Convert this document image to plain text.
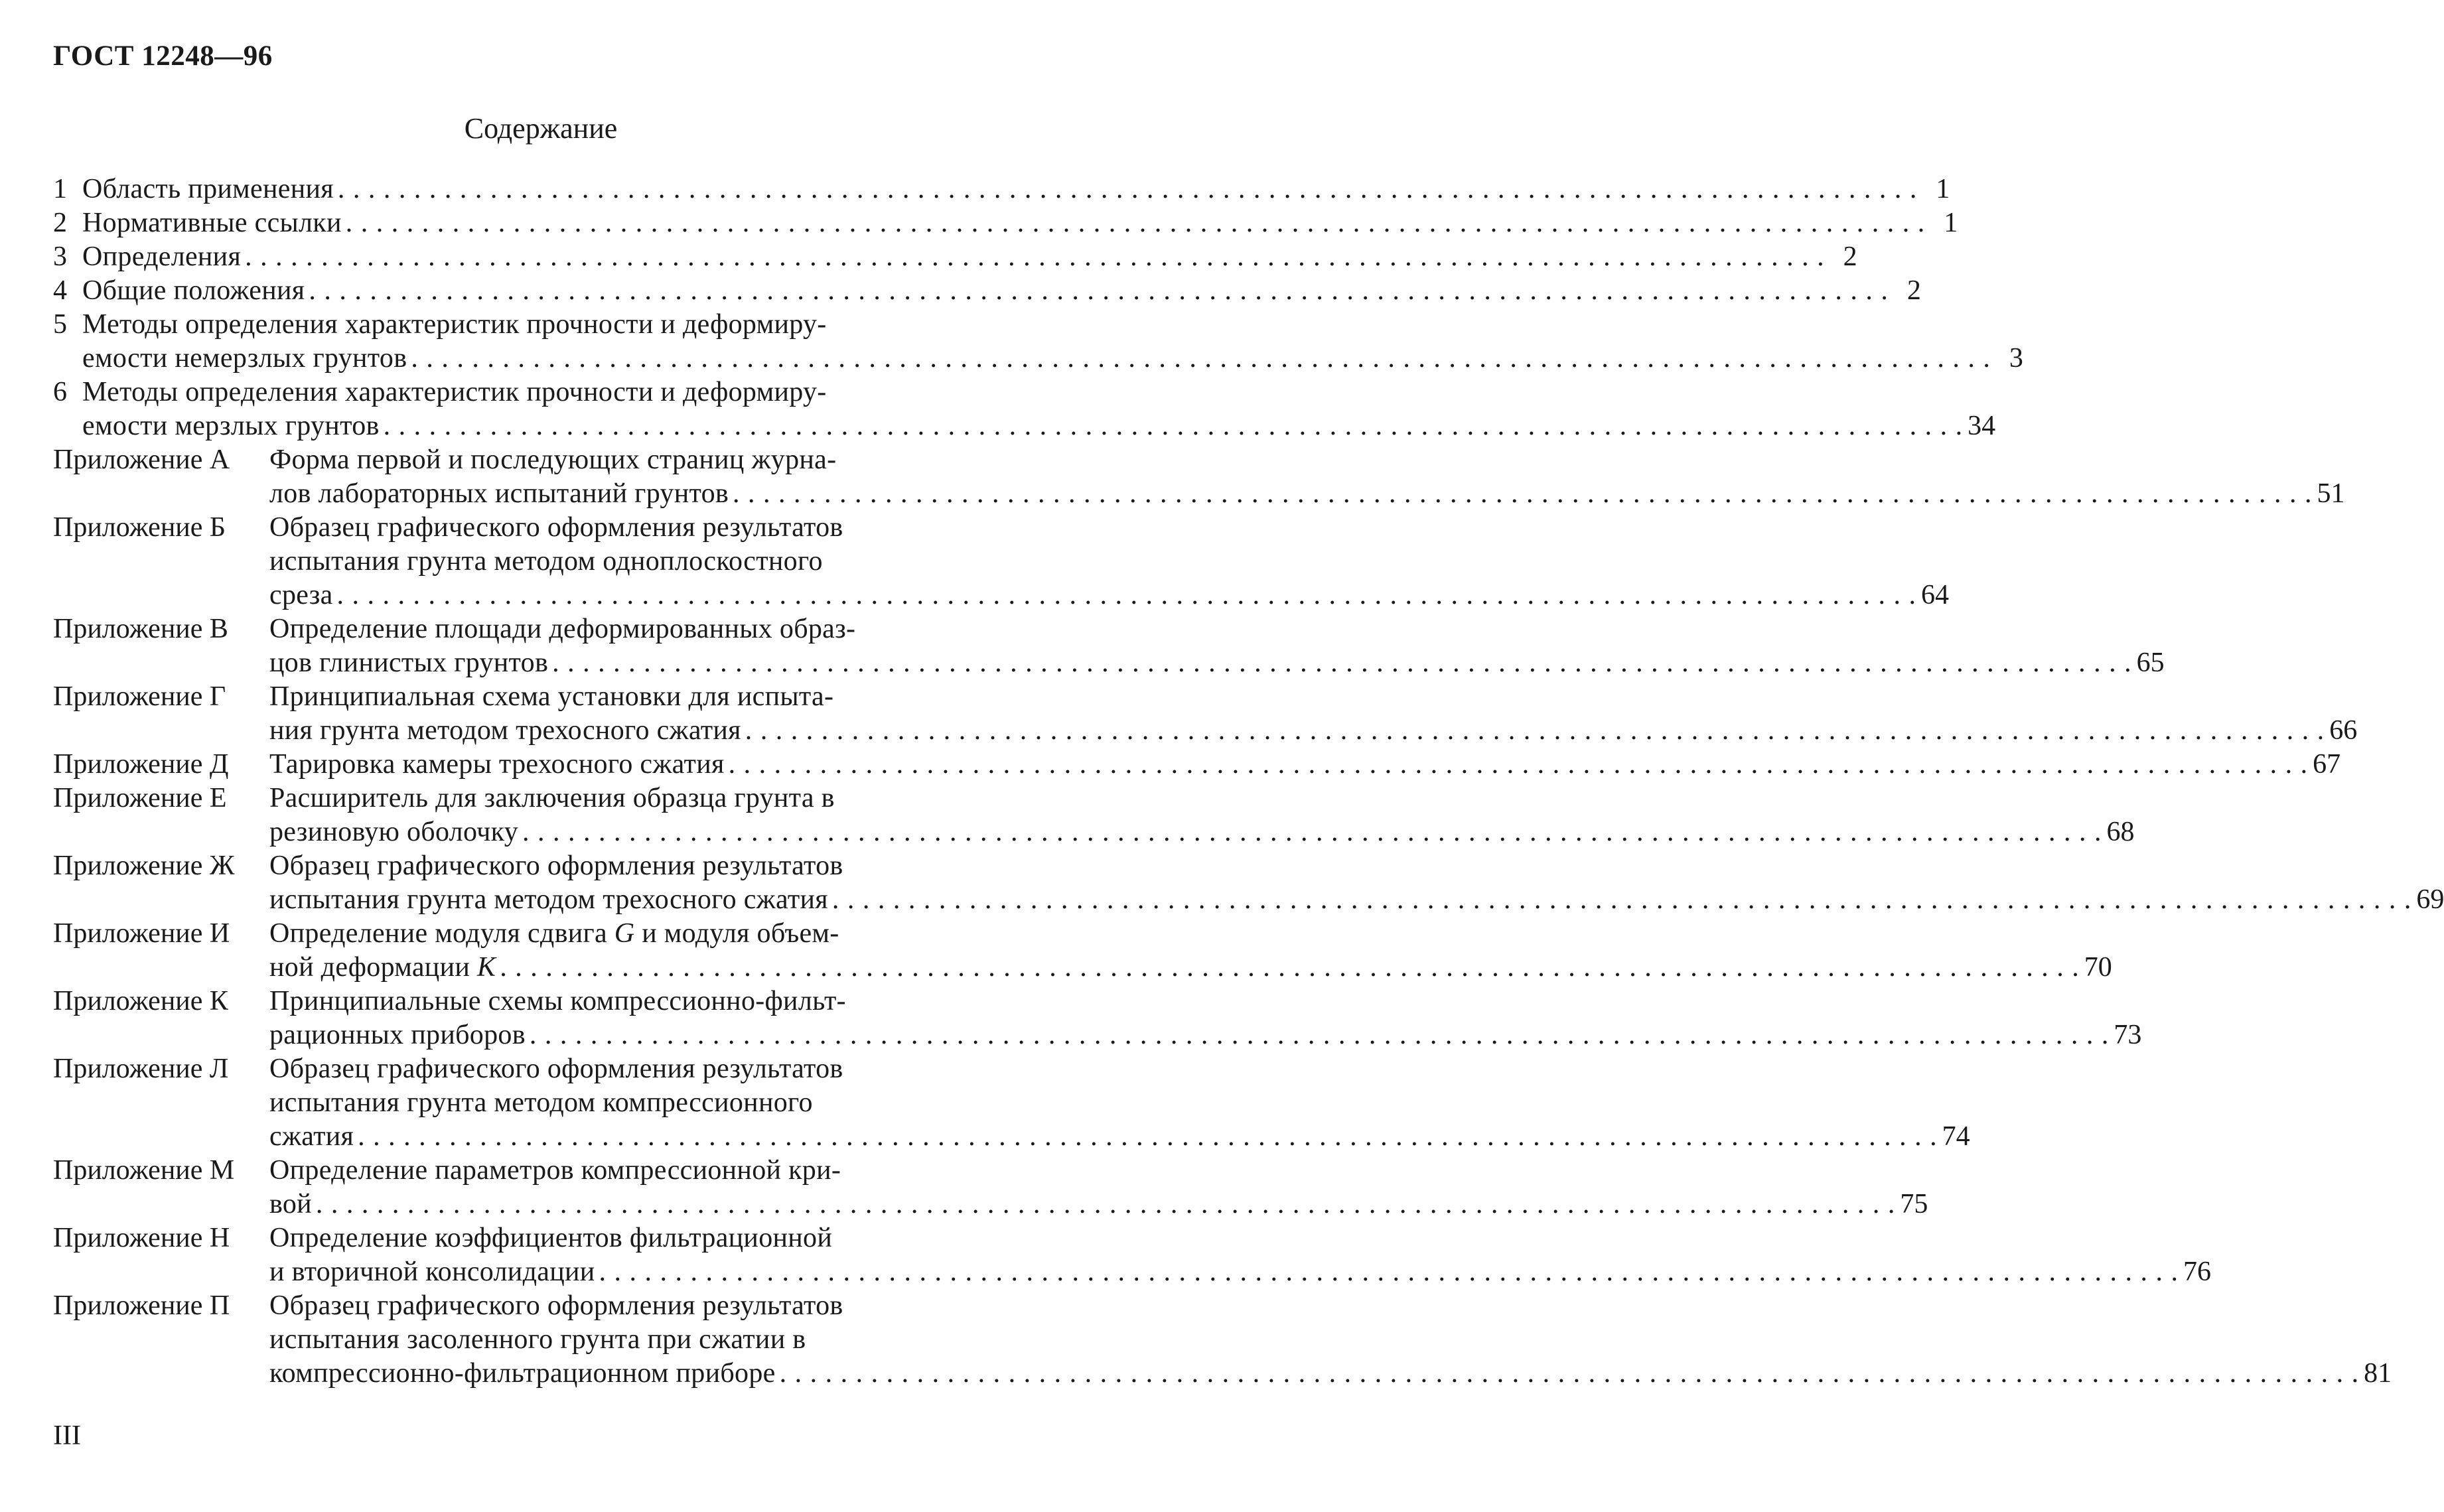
ГОСТ 12248—96
Содержание
1 Область применения . . .	1
2 Нормативные ссылки . . .	1
3 Определения . . .	2
4 Общие положения . . .	2
5 Методы определения характеристик прочности и деформиру-
емости немерзлых грунтов . . .	3
6 Методы определения характеристик прочности и деформиру-
емости мерзлых грунтов . . .	34
Приложение А	Форма первой и последующих страниц журна-
лов лабораторных испытаний грунтов . . .	51
Приложение Б	Образец графического оформления результатов
испытания грунта методом одноплоскостного
среза . . .	64
Приложение В	Определение площади деформированных образ-
цов глинистых грунтов . . .	65
Приложение Г	Принципиальная схема установки для испыта-
ния грунта методом трехосного сжатия . . .	66
Приложение Д	Тарировка камеры трехосного сжатия . . .	67
Приложение Е	Расширитель для заключения образца грунта в
резиновую оболочку . . .	68
Приложение Ж	Образец графического оформления результатов
испытания грунта методом трехосного сжатия . . .	69
Приложение И	Определение модуля сдвига G и модуля объем-
ной деформации K . . .	70
Приложение К	Принципиальные схемы компрессионно-фильт-
рационных приборов . . .	73
Приложение Л	Образец графического оформления результатов
испытания грунта методом компрессионного
сжатия . . .	74
Приложение М	Определение параметров компрессионной кри-
вой . . .	75
Приложение Н	Определение коэффициентов фильтрационной
и вторичной консолидации . . .	76
Приложение П	Образец графического оформления результатов
испытания засоленного грунта при сжатии в
компрессионно-фильтрационном приборе . . .	81
III
